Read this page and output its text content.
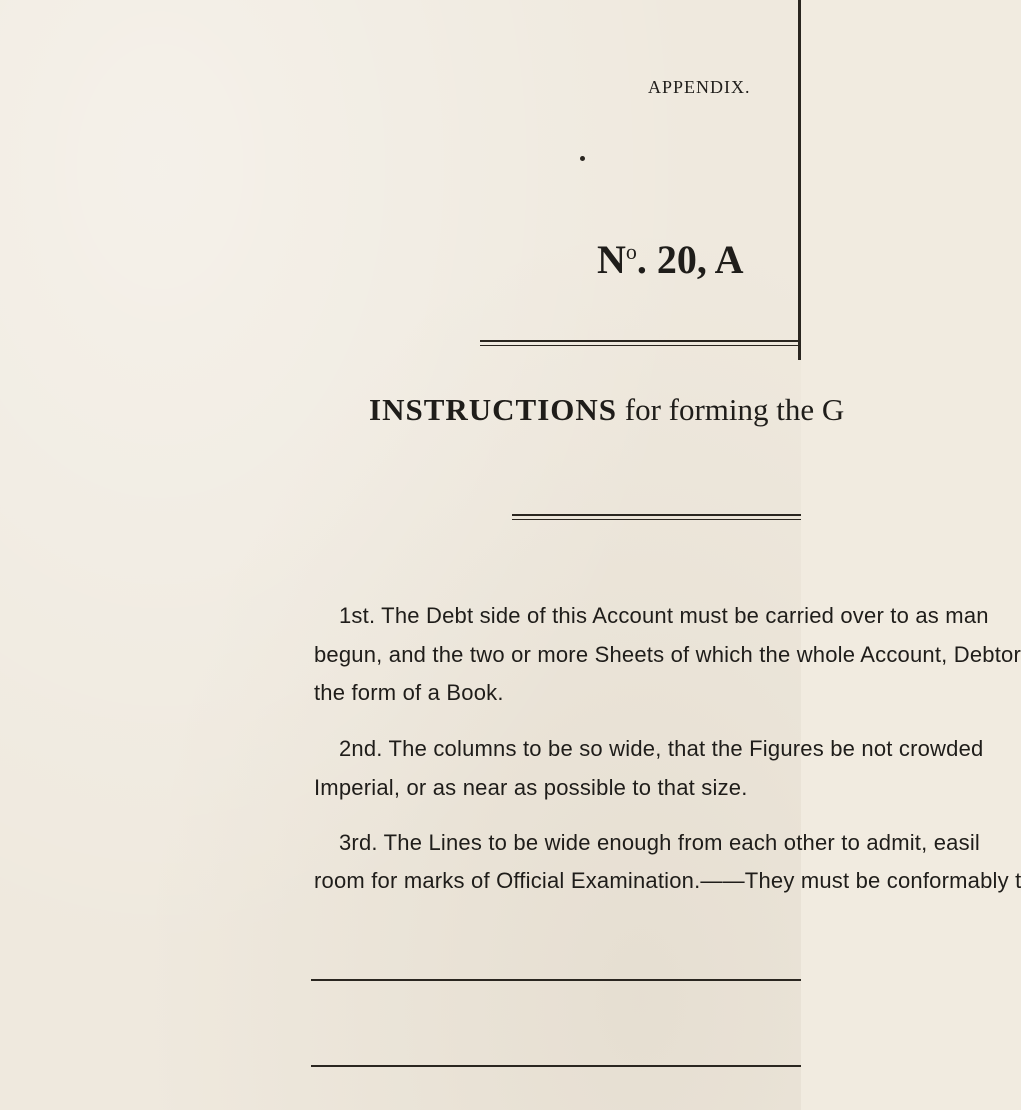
APPENDIX.
$N^o$. 20, A
INSTRUCTIONS for forming the G
1st. The Debt side of this Account must be carried over to as man
begun, and the two or more Sheets of which the whole Account, Debtor
the form of a Book.
2nd. The columns to be so wide, that the Figures be not crowded
Imperial, or as near as possible to that size.
3rd. The Lines to be wide enough from each other to admit, easil
room for marks of Official Examination.——They must be conformably t
